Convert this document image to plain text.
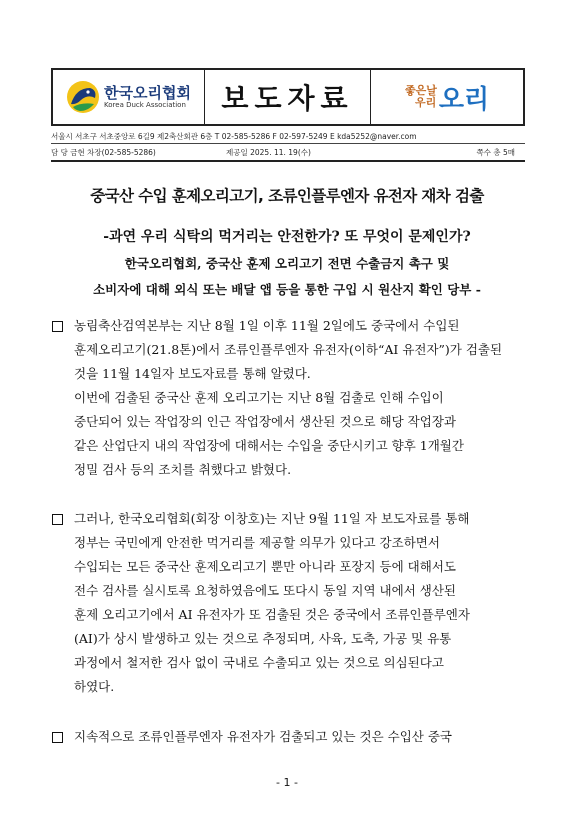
한국오리협회
Korea Duck Association 보도자료	좋은날
우리 오리
서울시 서초구 서초중앙로 6길9 제2축산회관 6층 T 02-585-5286 F 02-597-5249 E kda5252@naver.com
담 당 금현 차장(02-585-5286)	제공일 2025. 11. 19(수)	쪽수 총 5매
중국산 수입 훈제오리고기, 조류인플루엔자 유전자 재차 검출
-과연 우리 식탁의 먹거리는 안전한가? 또 무엇이 문제인가?
한국오리협회, 중국산 훈제 오리고기 전면 수출금지 촉구 및
소비자에 대해 외식 또는 배달 앱 등을 통한 구입 시 원산지 확인 당부 -
농림축산검역본부는 지난 8월 1일 이후 11월 2일에도 중국에서 수입된
훈제오리고기(21.8톤)에서 조류인플루엔자 유전자(이하“AI 유전자”)가 검출된
것을 11월 14일자 보도자료를 통해 알렸다.
이번에 검출된 중국산 훈제 오리고기는 지난 8월 검출로 인해 수입이
중단되어 있는 작업장의 인근 작업장에서 생산된 것으로 해당 작업장과
같은 산업단지 내의 작업장에 대해서는 수입을 중단시키고 향후 1개월간
정밀 검사 등의 조치를 취했다고 밝혔다.
그러나, 한국오리협회(회장 이창호)는 지난 9월 11일 자 보도자료를 통해
정부는 국민에게 안전한 먹거리를 제공할 의무가 있다고 강조하면서
수입되는 모든 중국산 훈제오리고기 뿐만 아니라 포장지 등에 대해서도
전수 검사를 실시토록 요청하였음에도 또다시 동일 지역 내에서 생산된
훈제 오리고기에서 AI 유전자가 또 검출된 것은 중국에서 조류인플루엔자
(AI)가 상시 발생하고 있는 것으로 추정되며, 사육, 도축, 가공 및 유통
과정에서 철저한 검사 없이 국내로 수출되고 있는 것으로 의심된다고
하였다.
지속적으로 조류인플루엔자 유전자가 검출되고 있는 것은 수입산 중국
- 1 -
